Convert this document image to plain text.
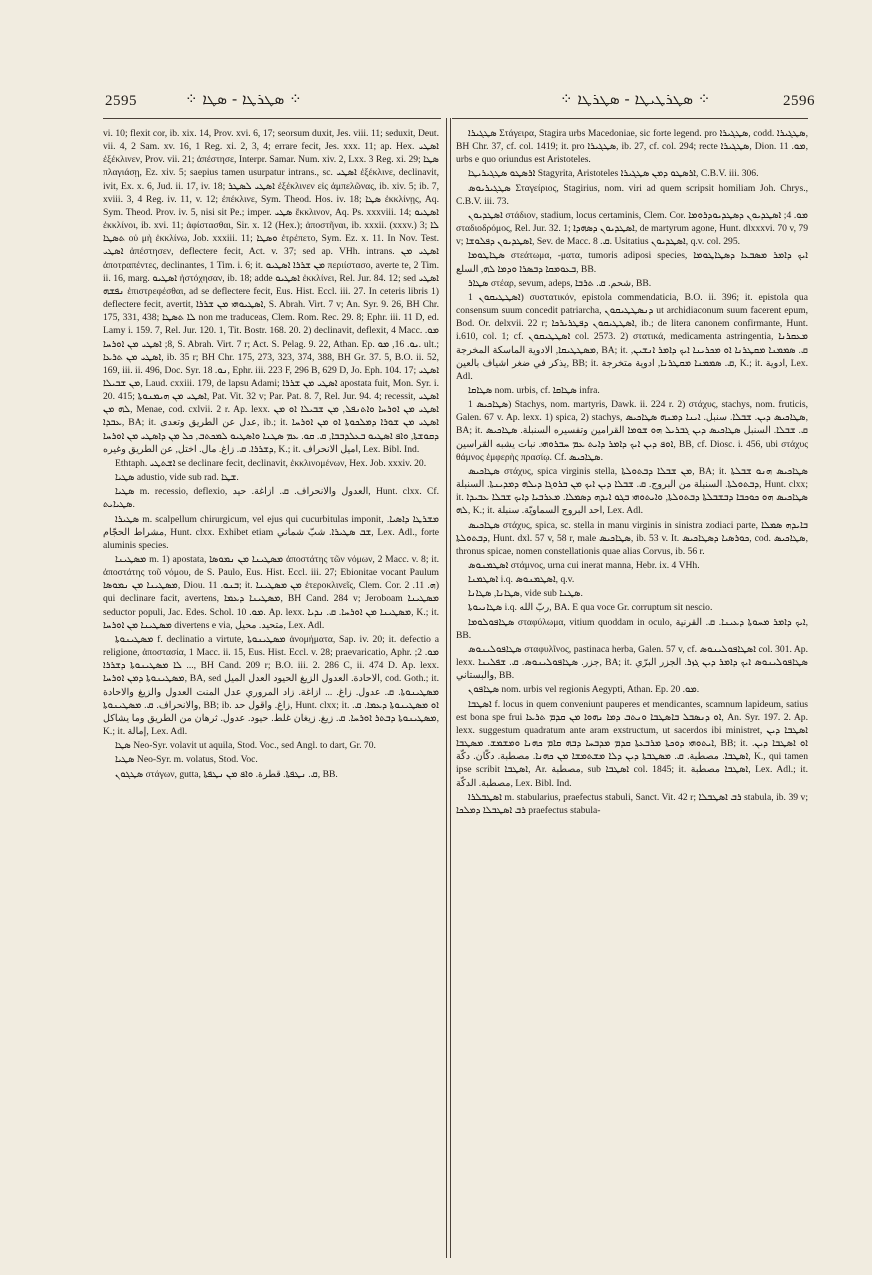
2595	⁘ ܣܛܪܛܐ - ܣܛܐ ⁘	⁘ ܣܛܪܛܝܛܐ - ܣܛܪܛܐ ⁘	2596

vi. 10; flexit cor, ib. xix. 14, Prov. xvi. 6, 17; seorsum duxit, Jes. viii. 11; seduxit, Deut. vii. 4, 2 Sam. xv. 16, 1 Reg. xi. 2, 3, 4; errare fecit, Jes. xxx. 11; ap. Hex. ܐܣܛܝ ἐξέκλινεν, Prov. vii. 21; ἀπέστησε, Interpr. Samar. Num. xiv. 2, Lxx. 3 Reg. xi. 29; ܣܛܐ πλαγιάσῃ, Ez. xiv. 5; saepius tamen usurpatur intrans., sc. ܐܣܛܝ ἐξέκλινε, declinavit, ivit, Ex. x. 6, Jud. ii. 17, iv. 18; ܐܣܛܝ ܠܣܛܪ ἐξέκλινεν εἰς ἀμπελῶνας, ib. xiv. 5; ib. 7, xviii. 3, 4 Reg. iv. 11, v. 12; ἐπέκλινε, Sym. Theod. Hos. iv. 18; ܣܛܐ ἐκκλίνῃς, Aq. Sym. Theod. Prov. iv. 5, nisi sit Pe.; imper. ܣܛܝ ἔκκλινον, Aq. Ps. xxxviii. 14; ܐܣܛܝܘ ἐκκλίνοι, ib. xvi. 11; ἀφίστασθαι, Sir. x. 12 (Hex.); ἀποστῆναι, ib. xxxii. (xxxv.) 3; ܠܐ ܬܣܛܐ οὐ μὴ ἐκκλίνω, Job. xxxiii. 11; ܘܣܛܐ ἐτρέπετο, Sym. Ez. x. 11. In Nov. Test. ܐܣܛܝ ἀπέστησεν, deflectere fecit, Act. v. 37; sed ap. VHh. intrans. ܐܣܛܝ ܡܢ ἀποτραπέντες, declinantes, 1 Tim. i. 6; it. ܡܢ ܫܪܪܐ ܐܣܛܝܘ περιίστασο, averte te, 2 Tim. ii. 16, marg. ܐܣܛܝܘ ἠστόχησαν, ib. 18; adde ܐܣܛܝܘ ἐκκλίνει, Rel. Jur. 84. 12; sed ܐܣܛܝ ܢܦܫܗ ἐπιστρεφέσθαι, ad se deflectere fecit, Eus. Hist. Eccl. iii. 27. In ceteris libris 1) deflectere fecit, avertit, ܐܣܛܝܘܗܝ ܡܢ ܫܪܪܐ, S. Abrah. Virt. 7 v; An. Syr. 9. 26, BH Chr. 175, 331, 438; ܠܐ ܬܣܛܐ non me traduceas, Clem. Rom. Rec. 29. 8; Ephr. iii. 11 D, ed. Lamy i. 159. 7, Rel. Jur. 120. 1, Tit. Bostr. 168. 20. 2) declinavit, deflexit, 4 Macc. ܡܘ. 8; ܐܣܛܝ ܡܢ ܐܘܪܚܐ, S. Abrah. Virt. 7 r; Act. S. Pelag. 9. 22, Athan. Ep. ܝܘ. 16, ܡܘ. ult.; ܐܣܛܝ ܡܢ ܬܪܥܐ, ib. 35 r; BH Chr. 175, 273, 323, 374, 388, BH Gr. 37. 5, B.O. ii. 52, 169, iii. ii. 496, Doc. Syr. ܢܘ. 18, Ephr. iii. 223 F, 296 B, 629 D, Jo. Eph. 104. 17; ܐܣܛܝ ܡܢ ܫܒܝܠܐ, Laud. cxxiii. 179, de lapsu Adami; ܐܣܛܝ ܡܢ ܫܪܪܐ apostata fuit, Mon. Syr. i. 20. 415; ܐܣܛܝ ܡܢ ܗܝܡܢܘܬܐ, Pat. Vit. 32 v; Par. Pat. 8. 7, Rel. Jur. 94. 4; recessit, ܐܣܛܝ ܠܗ ܡܢ, Menae, cod. cxlvii. 2 r. Ap. lexx. ܐܣܛܝ ܡܢ ܐܘܪܚܐ ܘܐܬܢܦܠ, ܡܢ ܫܒܝܠܐ ܐܘ ܡܢ ܥܒܕܐ, BA; it. عدل عن الطريق وتعدى, ib.; it. ܐܣܛܝ ܡܢ ܫܘܪܐ ܕܡܠܟܘܬܐ ܐܘ ܡܢ ܐܘܪܚܐ ܕܩܘܫܬܐ, ܘܐܦ ܐܣܛܝܘ ܒܥܠܕܒܒܐ, ܩ. ܩܘ. ܥܡ ܣܛܢܐ ܘܐܣܛܝܘ ܠܡܟܬܒ, ܟܠ ܡܢ ܕܐܣܛܝ ܡܢ ܐܘܪܚܐ ܕܫܪܪܐ. ܩ. زاغ. مال. اختل, عن الطريق وغيره, K.; it. اميل الانحراف, Lex. Bibl. Ind.

Ethtaph. ܐܫܬܛܝ se declinare fecit, declinavit, ἐκκλινομένων, Hex. Job. xxxiv. 20.

ܣܛܝܐ adustio, vide sub rad. ܫܛܐ.

ܣܛܝܐ m. recessio, deflexio, العدول والانحراف. ܩ. ازاغة. حيد, Hunt. clxx. Cf. ܣܛܝܐܝܬ.

ܣܛܝܪܐ m. scalpellum chirurgicum, vel ejus qui cucurbitulas imponit, ܡܫܪܛܐ ܕܐܣܝܐ. مشراط الحجّام, Hunt. clxx. Exhibet etiam ܫܒ ܣܛܝܪܐ. شبّ شماني, Lex. Adl., forte aluminis species.

ܡܣܛܝܢܐ m. 1) apostata, ܡܣܛܝܢܐ ܡܢ ܢܡܘܣܐ ἀποστάτης τῶν νόμων, 2 Macc. v. 8; it. ἀποστάτης τοῦ νόμου, de S. Paulo, Eus. Hist. Eccl. iii. 27; Ebionitae vocant Paulum ܡܣܛܝܢܐ ܡܢ ܢܡܘܣܐ, Diou. ܒܢܘ. 11; it. ܡܢ ܡܣܛܝܢܐ ἑτεροκλινεῖς, Clem. Cor. ܗ. 11. 2) qui declinare facit, avertens, ܡܣܛܝܢܐ ܕܥܡܐ, BH Cand. 284 v; Jeroboam ܡܣܛܝܢܐ seductor populi, Jac. Edes. Schol. ܡܘ. 10. Ap. lexx. ܡܣܛܝܢܐ ܡܢ ܐܘܪܚܐ. ܩ. ܢܕܝܐ, K.; it. ܡܣܛܝܢܐ ܡܢ ܐܘܪܚܐ divertens e via, متحيد. محيل, Lex. Adl.

ܡܣܛܝܢܘܬܐ f. declinatio a virtute, ܡܣܛܝܢܘܬܐ ἁνομήματα, Sap. iv. 20; it. defectio a religione, ἀποστασία, 1 Macc. ii. 15, Eus. Hist. Eccl. v. 28; praevaricatio, Aphr. ܡܘ. 2; ... ܠܐ ܡܣܛܝܢܘܬܐ ܕܫܪܪܐ, BH Cand. 209 r; B.O. iii. 2. 286 C, ii. 474 D. Ap. lexx. ܡܣܛܝܢܘܬܐ ܕܡܢ ܐܘܪܚܐ, BA, sed الاحادة. العدول الزيغ الحيود العدل الميل, cod. Goth.; it. ܡܣܛܝܢܘܬܐ. ܩ. عدول. زاغ. ... ازاغة. زاد المروري عدل المنت العدول والزيغ والاحادة والانحراف. ܩ. ܡܣܛܝܢܘܬܐ, BB; ib. زاغ. واقول حد, Hunt. clxx; it. ܐܘ ܡܣܛܝܢܘܬܐ ܕܥܡܐ. ܩ. ܡܣܛܝܢܘܬܐ ܕܒܬܪ ܐܘܪܚܐ. ܩ. زيغ. زيغان غلط. حيود. عدول. ثرهان من الطريق وما يشاكل, K.; it. إمالة, Lex. Adl.

ܣܛܐ Neo-Syr. volavit ut aquila, Stod. Voc., sed Angl. to dart, Gr. 70.

ܣܛܝܐ Neo-Syr. m. volatus, Stod. Voc.

ܣܛܓܘܢ στάγων, gutta, ܩ. ܢܛܦܬܐ. قطرة. ܘܐܦ ܡܢ ܢܛܦܬܐ, BB.

ܣܛܓܝܪܐ Στάγειρα, Stagira urbs Macedoniae, sic forte legend. pro ܣܛܓܝܪܐ, codd. ܣܛܓܝܪܐ, BH Chr. 37, cf. col. 1419; it. pro ܣܛܓܝܪܐ, ib. 27, cf. col. 294; recte ܣܛܓܝܪܐ, Dion. ܡܘ. 11, urbs e quo oriundus est Aristoteles.

ܐܪܣܛܘ ܣܛܓܝܪܝܛܐ Stagyrita, Aristoteles ܐܪܣܛܘ ܕܡܢ ܣܛܓܝܪܐ, C.B.V. iii. 306.

ܣܛܓܝܪܝܘܣ Σταγείριος, Stagirius, nom. viri ad quem scripsit homiliam Joh. Chrys., C.B.V. iii. 73.

ܐܣܛܕܝܘܢ στάδιον, stadium, locus certaminis, Clem. Cor. ܡܘ. 4; ܐܣܛܕܝܘܢ ܕܣܛܕܝܘܕܪܘܡܐ σταδιοδρόμος, Rel. Jur. 32. 1; ܐܣܛܕܝܘܢ ܕܣܗܕܐ, de martyrum agone, Hunt. dlxxxvi. 70 v, 79 v; ܐܣܛܕܝܘܢ ܕܦܠܘܫܐ, Sev. de Macc. ܩ. 8. Usitatius ܐܣܛܕܝܘܢ, q.v. col. 295.

ܣܛܐܛܘܡܐ στεάτωμα, -ματα, tumoris adiposi species, ܐܝܟ ܕܐܡܪ ܡܣܒܥܐ ܕܣܛܐܛܘܡܐ ܒܥܘܡܩܐ ܕܒܣܪܐ ܘܕܡܐ ܠܗ, السلع, BB.

ܣܛܐܪ στέαρ, sevum, adeps, شحم. ܩ. ܬܪܒܐ, BB.

ܐܣܛܛܝܩܘܢ 1) συστατικόν, epistola commendaticia, B.O. ii. 396; it. epistola qua consensum suum concedit patriarcha, ܕܢܣܛܛܝܩܘܢ ut archidiaconum suum facerent epum, Bod. Or. delxvii. 22 r; ܐܣܛܛܝܩܘܢ ܕܦܛܪܝܪܟܐ, ib.; de litera canonem confirmante, Hunt. i.610, col. 1; cf. ܐܣܛܛܝܩܘܢ col. 2573. 2) στατικά, medicamenta astringentia, ܡܥܩܪܢܐ ܡܣܛܛܝܩܐ, الادوية الماسكة المخرجة, BA; it. ܩ. ܣܡܡܢܐ ܡܩܛܪܢܐ ܐܘ ܡܟܪܝܢܐ ܐܝܟ ܕܐܡܪ ܐܢܫܝܢ, يذكر في ضغر اشياف بالعين, BB; it. ܩ. ܣܡܡܢܐ ܡܩܛܪܢܐ, ادوية متخرجة, K.; it. ادوية, Lex. Adl.

ܣܛܐܩܐ nom. urbis, cf. ܣܛܐܩܐ infra.

ܣܛܐܟܝܣ 1) Stachys, nom. martyris, Dawk. ii. 224 r. 2) στάχυς, stachys, nom. fruticis, Galen. 67 v. Ap. lexx. 1) spica, 2) stachys, ܣܛܐܟܝܣ ܕܝܢ. ܫܒܠܐ. سنبل. ܐܝܢܐ ܕܡܢܗ ܣܛܐܟܝܣ, BA; it. ܩ. ܫܒܠܐ. السنبل ܣܛܐܟܝܣ ܕܝܢ ܓܒܪܝܠ ܗܘ ܫܘܡܐ القرامين وتفسيره السنبلة. ܣܛܐܟܝܣ ܐܘܦ ܕܝܢ ܐܝܟ ܕܐܡܪ ܕܐܝܬ ܥܡ ܚܒܪܘܗܝ. نبات يشبه القراسين, BB, cf. Diosc. i. 456, ubi στάχυς θάμνος ἐμφερὴς πρασίῳ. Cf. ܣܛܐܟܝܣ.

ܣܛܐܟܝܣ στάχυς, spica virginis stella, ܡܢ ܫܒܠܐ ܕܒܬܘܠܬܐ, BA; it. ܣܛܐܟܝܣ ܗܢܘ ܫܒܠܬܐ ܕܒܬܘܠܬܐ. السنبلة من البروج. ܩ. ܫܒܠܐ ܕܝܢ ܐܝܟ ܡܢ ܒܪܘܓܐ ܕܝܠܗ ܕܡܕܝܢܬܐ. السنبلة, Hunt. clxx; it. ܣܛܐܟܝܣ ܗܘ ܟܘܟܒܐ ܕܒܫܒܠܬܐ ܕܒܬܘܠܬܐ, ܘܐܝܬܘܗܝ ܒܓܘ ܐܝܕܗ ܕܣܡܠܐ. ܡܥܪܒܝܐ ܕܐܝܟ ܫܒܠܐ ܥܒܝܕܐ ܠܗ, K.; it. احد البروج السماويّة. سنبلة, Lex. Adl.

ܣܛܐܟܝܣ στάχυς, spica, sc. stella in manu virginis in sinistra zodiaci parte, ܒܐܝܕܗ ܣܡܠܐ ܕܒܬܘܠܬܐ, Hunt. dxl. 57 v, 58 r, male ܣܛܐܟܝܣ, ib. 53 v. It. ܟܘܪܣܝܐ ܕܣܛܐܟܝܣ, cod. ܣܛܐܟܝܣ, thronus spicae, nomen constellationis quae alias Corvus, ib. 56 r.

ܐܣܛܡܢܘܣ στάμνος, urna cui inerat manna, Hebr. ix. 4 VHh.

ܐܣܛܡܢܐ i.q. ܐܣܛܡܢܘܣ, q.v.

ܣܛܐܢܐ, ܣܛܐܢܐ, vide sub ܣܛܢܐ.

ܣܛܐܢܝܘܬܐ i.q. ربّ الله, BA. E qua voce Gr. corruptum sit nescio.

ܣܛܐܦܘܠܘܡܐ σταφύλωμα, vitium quoddam in oculo, ܐܝܟ ܕܐܡܪ ܡܚܘܬܐ ܕܥܝܢܐ. ܩ. القرنية, BB.

ܣܛܐܦܘܠܝܢܘܣ σταφυλῖνος, pastinaca herba, Galen. 57 v, cf. ܐܣܛܐܦܘܠܝܢܘܣ col. 301. Ap. lexx. جزر. ܣܛܐܦܘܠܝܢܘܣ. ܩ. ܫܦܠܝܢܐ, BA; it. ܣܛܐܦܘܠܝܢܘܣ ܐܝܟ ܕܐܡܪ ܕܝܢ ܓܙܪ. الجزر البرّي والبستاني, BB.

ܣܛܐܦܘܢ nom. urbis vel regionis Aegypti, Athan. Ep. ܡܘ. 20.

ܐܣܛܒܐ f. locus in quem conveniunt pauperes et mendicantes, scamnum lapideum, satius est bona spe frui ܐܘ ܕܢܣܒܠ ܒܐܣܛܒܐ ܘܢܬܒ ܕܡܐ ܢܗܘܐ ܡܢ ܩܕܡ ܬܪܥܐ, An. Syr. 197. 2. Ap. lexx. suggestum quadratum ante aram exstructum, ut sacerdos ibi ministret, ܐܣܛܒܐ ܕܝܢ ܐܝܬܘܗܝ ܕܘܟܬܐ ܡܪܒܥܬܐ ܩܕܡ ܡܕܒܚܐ ܕܒܗ ܩܐܡ ܟܗܢܐ ܘܡܫܡܫ. ܡܣܛܒܐ, BB; it. ܐܘ ܐܣܛܒܐ ܕܝܢ. ܐܣܛܒܐ. مصطبة. ܩ. ܡܣܛܒܬܐ ܕܝܢ ܕܠܐ ܡܫܬܡܫܐ ܡܢ ܟܗܢܐ. مصطبة. دكّان. دكّة, K., qui tamen ipse scribit ܐܣܛܒܐ, Ar. مصطبة, sub ܐܣܛܒܐ col. 1845; it. ܐܣܛܒܐ مصطبة, Lex. Adl.; it. مصطبة. الدكّة, Lex. Bibl. Ind.

ܐܣܛܒܠܪܐ m. stabularius, praefectus stabuli, Sanct. Vit. 42 r; ܪܒ ܐܣܛܒܠܐ stabula, ib. 39 v; ܪܒ ܐܣܛܒܠܐ ܕܡܠܟܐ praefectus stabula-
